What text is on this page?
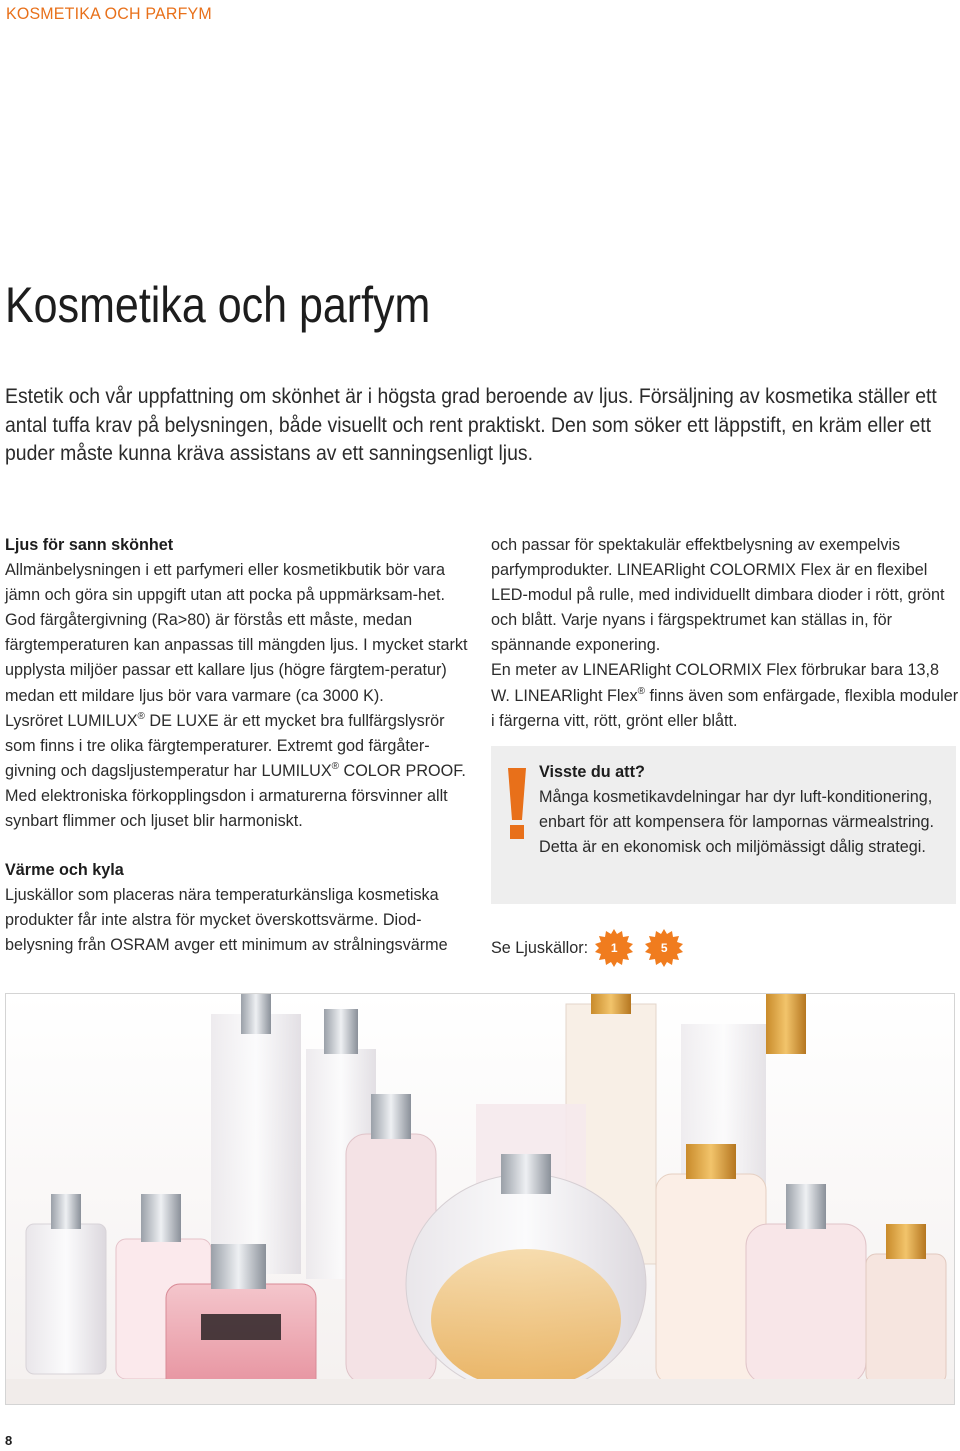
KOSMETIKA OCH PARFYM
Kosmetika och parfym

Estetik och vår uppfattning om skönhet är i högsta grad beroende av ljus. Försäljning av kosmetika ställer ett antal tuffa krav på belysningen, både visuellt och rent praktiskt. Den som söker ett läppstift, en kräm eller ett puder måste kunna kräva assistans av ett sanningsenligt ljus.

Ljus för sann skönhet

Allmänbelysningen i ett parfymeri eller kosmetikbutik bör vara jämn och göra sin uppgift utan att pocka på uppmärksam-het. God färgåtergivning (Ra>80) är förstås ett måste, medan färgtemperaturen kan anpassas till mängden ljus. I mycket starkt upplysta miljöer passar ett kallare ljus (högre färgtem-peratur) medan ett mildare ljus bör vara varmare (ca 3000 K).

Lysröret LUMILUX® DE LUXE är ett mycket bra fullfärgslysrör som finns i tre olika färgtemperaturer. Extremt god färgåter-givning och dagsljustemperatur har LUMILUX® COLOR PROOF. Med elektroniska förkopplingsdon i armaturerna försvinner allt synbart flimmer och ljuset blir harmoniskt.

Värme och kyla

Ljuskällor som placeras nära temperaturkänsliga kosmetiska produkter får inte alstra för mycket överskottsvärme. Diod-belysning från OSRAM avger ett minimum av strålningsvärme

och passar för spektakulär effektbelysning av exempelvis parfymprodukter. LINEARlight COLORMIX Flex är en flexibel LED-modul på rulle, med individuellt dimbara dioder i rött, grönt och blått. Varje nyans i färgspektrumet kan ställas in, för spännande exponering.

En meter av LINEARlight COLORMIX Flex förbrukar bara 13,8 W. LINEARlight Flex® finns även som enfärgade, flexibla moduler i färgerna vitt, rött, grönt eller blått.

Visste du att?

Många kosmetikavdelningar har dyr luft-konditionering, enbart för att kompensera för lampornas värmealstring. Detta är en ekonomisk och miljömässigt dålig strategi.

Se Ljuskällor:	1	5
8
